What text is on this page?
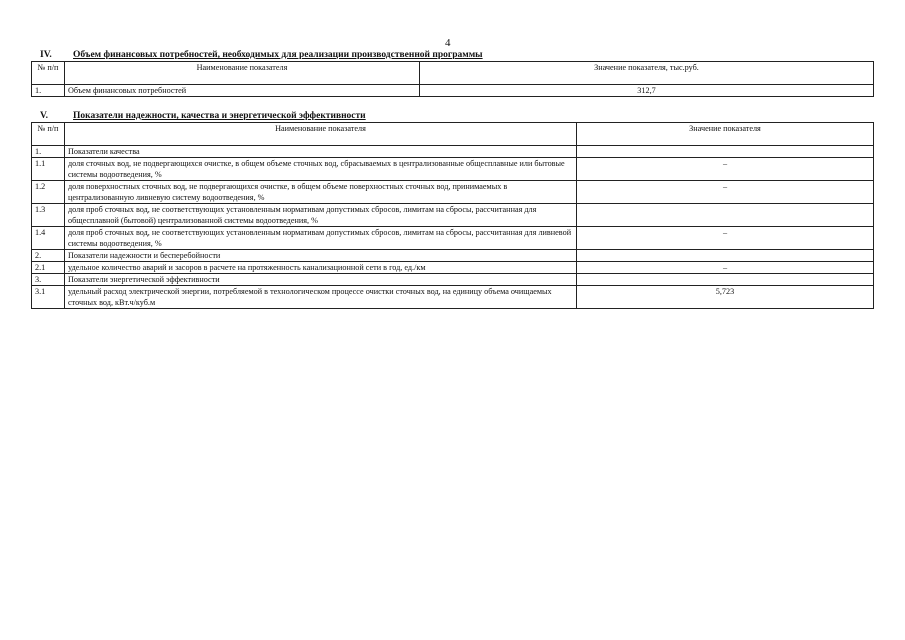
4
IV. Объем финансовых потребностей, необходимых для реализации производственной программы
№ п/п	Наименование показателя	Значение показателя, тыс.руб.
1.	Объем финансовых потребностей	312,7
V.	Показатели надежности, качества и энергетической эффективности
№ п/п	Наименование показателя	Значение показателя
1.	Показатели качества	
1.1	доля сточных вод, не подвергающихся очистке, в общем объеме сточных вод, сбрасываемых в централизованные общесплавные или бытовые системы водоотведения, %	–
1.2	доля поверхностных сточных вод, не подвергающихся очистке, в общем объеме поверхностных сточных вод, принимаемых в централизованную ливневую систему водоотведения, %	–
1.3	доля проб сточных вод, не соответствующих установленным нормативам допустимых сбросов, лимитам на сбросы, рассчитанная для общесплавной (бытовой) централизованной системы водоотведения, %	
1.4	доля проб сточных вод, не соответствующих установленным нормативам допустимых сбросов, лимитам на сбросы, рассчитанная для ливневой системы водоотведения, %	–
2.	Показатели надежности и бесперебойности	
2.1	удельное количество аварий и засоров в расчете на протяженность канализационной сети в год, ед./км	–
3.	Показатели энергетической эффективности	
3.1	удельный расход электрической энергии, потребляемой в технологическом процессе очистки сточных вод, на единицу объема очищаемых сточных вод, кВт.ч/куб.м	5,723
